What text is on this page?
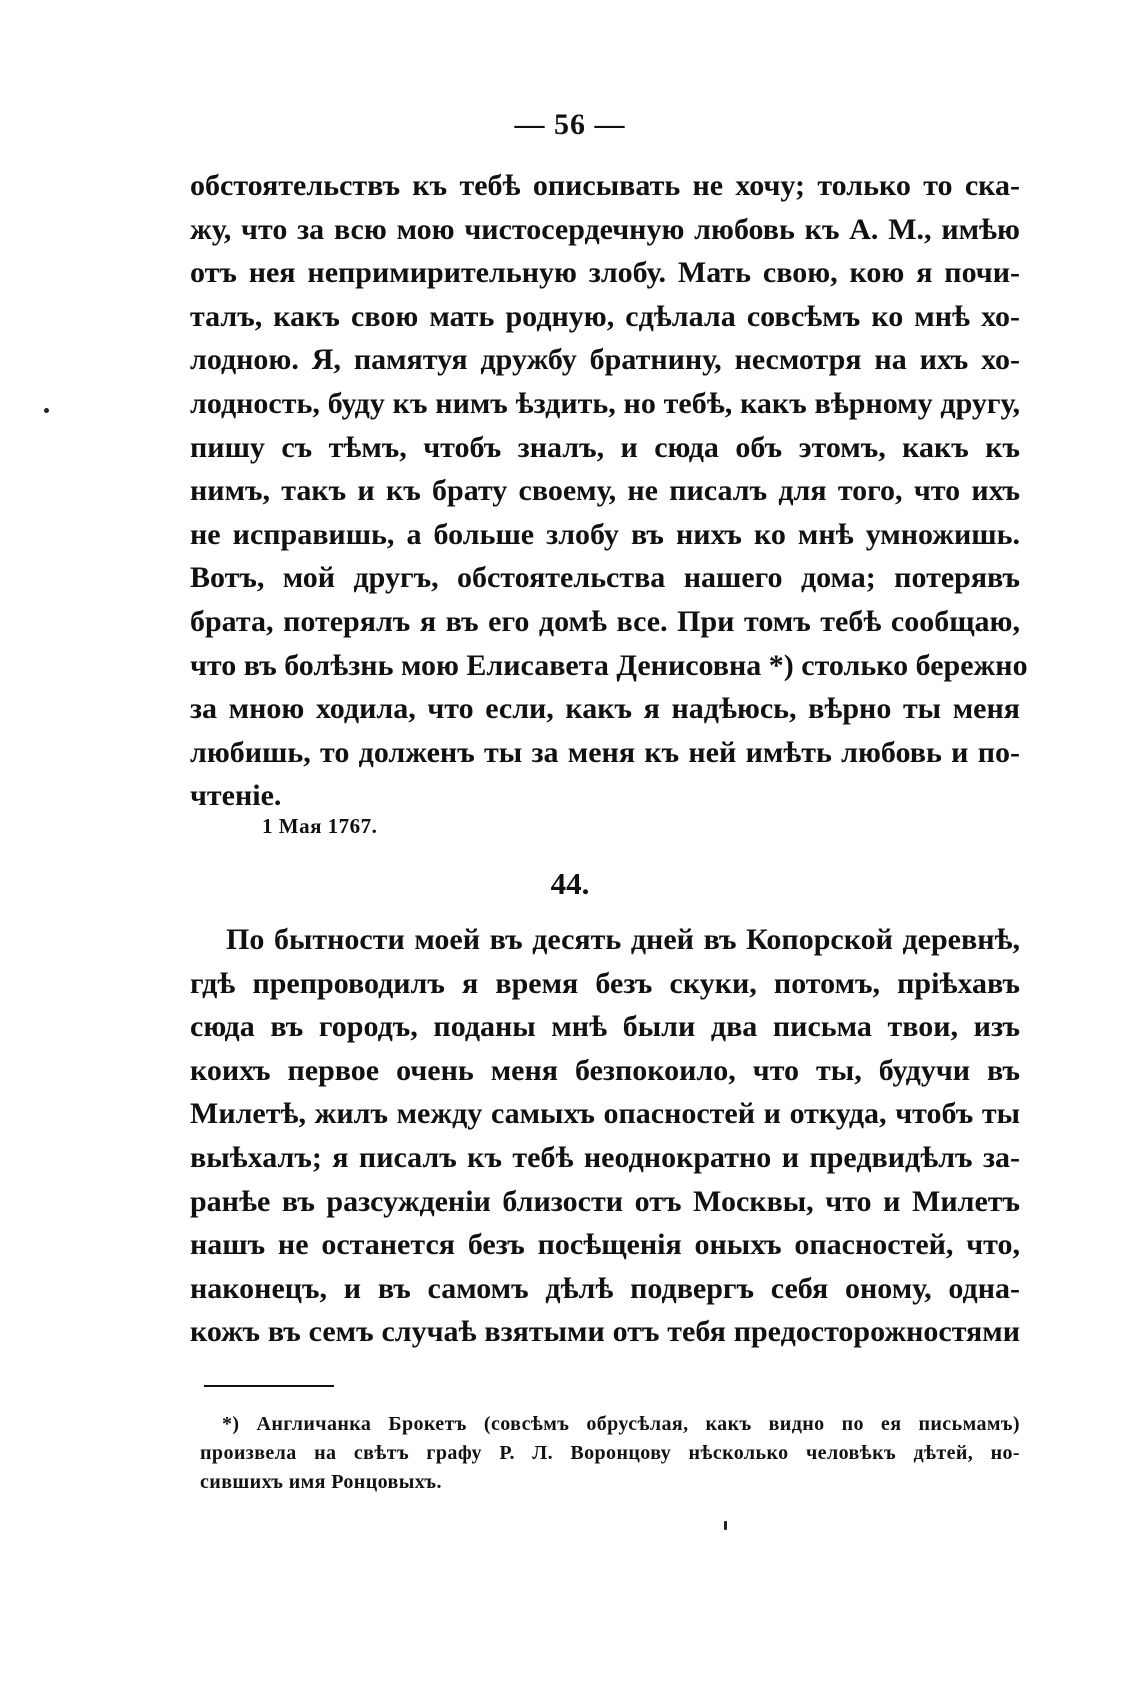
— 56 —
обстоятельствъ къ тебѣ описывать не хочу; только то ска-
жу, что за всю мою чистосердечную любовь къ А. М., имѣю
отъ нея непримирительную злобу. Мать свою, кою я почи-
талъ, какъ свою мать родную, сдѣлала совсѣмъ ко мнѣ хо-
лодною. Я, памятуя дружбу братнину, несмотря на ихъ хо-
лодность, буду къ нимъ ѣздить, но тебѣ, какъ вѣрному другу,
пишу съ тѣмъ, чтобъ зналъ, и сюда объ этомъ, какъ къ
нимъ, такъ и къ брату своему, не писалъ для того, что ихъ
не исправишь, а больше злобу въ нихъ ко мнѣ умножишь.
Вотъ, мой другъ, обстоятельства нашего дома; потерявъ
брата, потерялъ я въ его домѣ все. При томъ тебѣ сообщаю,
что въ болѣзнь мою Елисавета Денисовна *) столько бережно
за мною ходила, что если, какъ я надѣюсь, вѣрно ты меня
любишь, то долженъ ты за меня къ ней имѣть любовь и по-
чтеніе.
1 Мая 1767.
44.
По бытности моей въ десять дней въ Копорской деревнѣ,
гдѣ препроводилъ я время безъ скуки, потомъ, пріѣхавъ
сюда въ городъ, поданы мнѣ были два письма твои, изъ
коихъ первое очень меня безпокоило, что ты, будучи въ
Милетѣ, жилъ между самыхъ опасностей и откуда, чтобъ ты
выѣхалъ; я писалъ къ тебѣ неоднократно и предвидѣлъ за-
ранѣе въ разсужденіи близости отъ Москвы, что и Милетъ
нашъ не останется безъ посѣщенія оныхъ опасностей, что,
наконецъ, и въ самомъ дѣлѣ подвергъ себя оному, одна-
кожъ въ семъ случаѣ взятыми отъ тебя предосторожностями
*) Англичанка Брокетъ (совсѣмъ обрусѣлая, какъ видно по ея письмамъ)
произвела на свѣтъ графу Р. Л. Воронцову нѣсколько человѣкъ дѣтей, но-
сившихъ имя Ронцовыхъ.
